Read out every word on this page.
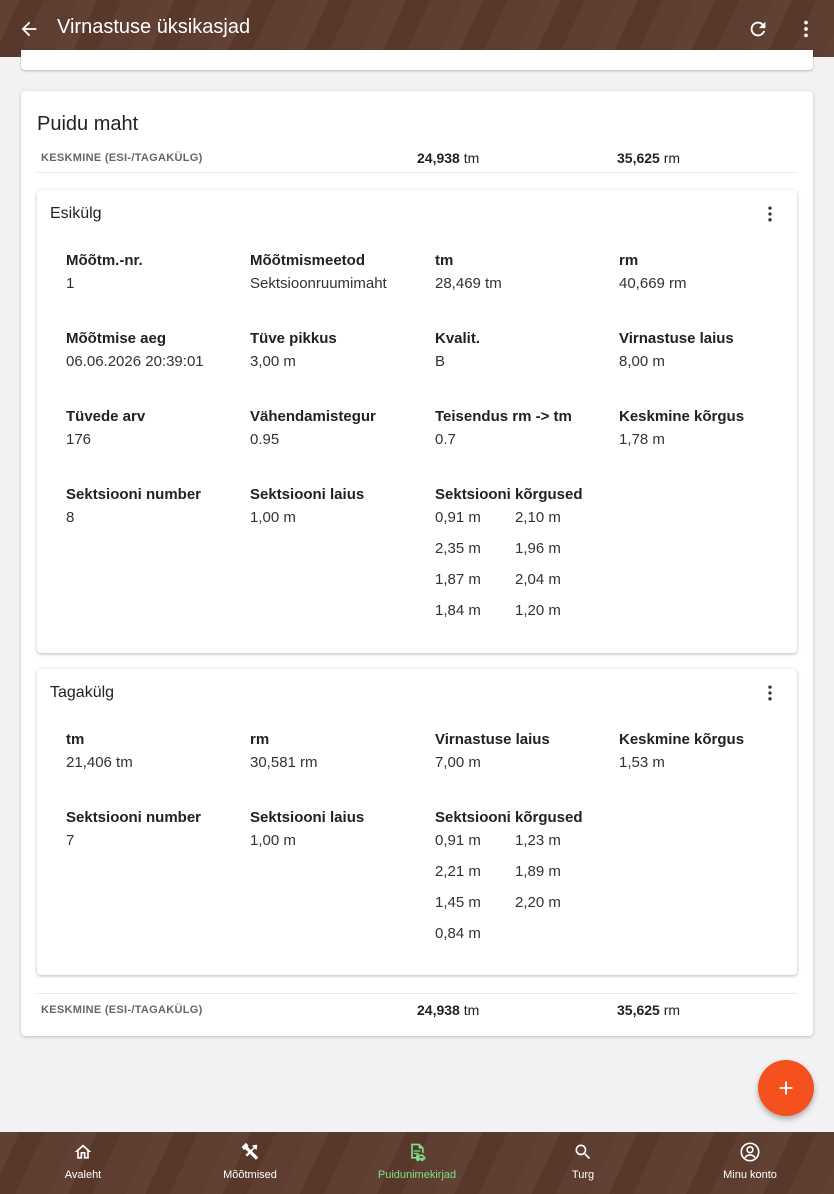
Virnastuse üksikasjad
Puidu maht
KESKMINE (ESI-/TAGAKÜLG)	24,938 tm	35,625 rm
Esikülg
Mõõtm.-nr.
1
Mõõtmismeetod
Sektsioonruumimaht
tm
28,469 tm
rm
40,669 rm
Mõõtmise aeg
06.06.2026 20:39:01
Tüve pikkus
3,00 m
Kvalit.
B
Virnastuse laius
8,00 m
Tüvede arv
176
Vähendamistegur
0.95
Teisendus rm -> tm
0.7
Keskmine kõrgus
1,78 m
Sektsiooni number
8
Sektsiooni laius
1,00 m
Sektsiooni kõrgused
0,91 m 2,10 m
2,35 m 1,96 m
1,87 m 2,04 m
1,84 m 1,20 m
Tagakülg
tm
21,406 tm
rm
30,581 rm
Virnastuse laius
7,00 m
Keskmine kõrgus
1,53 m
Sektsiooni number
7
Sektsiooni laius
1,00 m
Sektsiooni kõrgused
0,91 m 1,23 m
2,21 m 1,89 m
1,45 m 2,20 m
0,84 m
KESKMINE (ESI-/TAGAKÜLG)	24,938 tm	35,625 rm
Avaleht	Mõõtmised	Puidunimekirjad	Turg	Minu konto
